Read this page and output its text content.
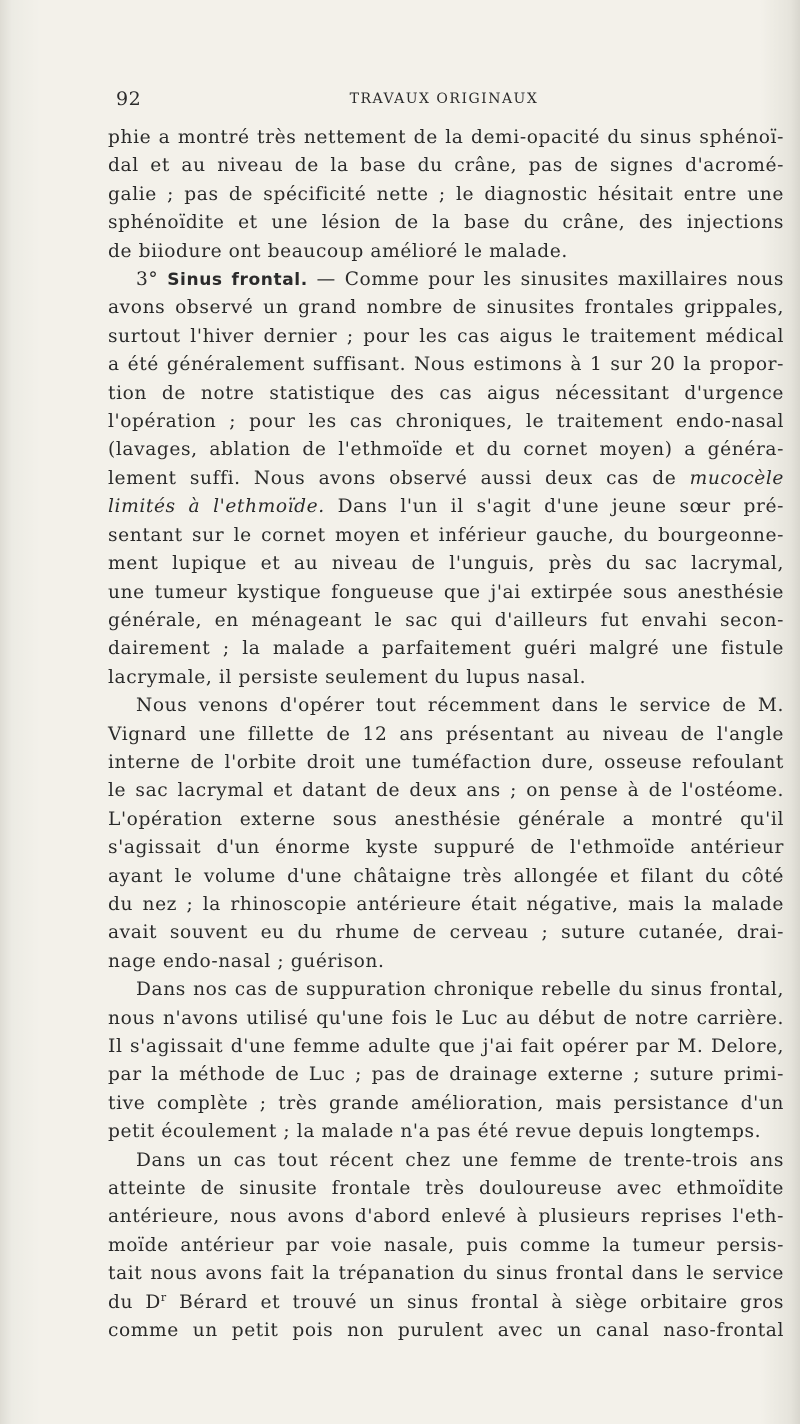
92	TRAVAUX ORIGINAUX
phie a montré très nettement de la demi-opacité du sinus sphénoï-
dal et au niveau de la base du crâne, pas de signes d'acromé-
galie ; pas de spécificité nette ; le diagnostic hésitait entre une
sphénoïdite et une lésion de la base du crâne, des injections
de biiodure ont beaucoup amélioré le malade.
3° Sinus frontal. — Comme pour les sinusites maxillaires nous
avons observé un grand nombre de sinusites frontales grippales,
surtout l'hiver dernier ; pour les cas aigus le traitement médical
a été généralement suffisant. Nous estimons à 1 sur 20 la propor-
tion de notre statistique des cas aigus nécessitant d'urgence
l'opération ; pour les cas chroniques, le traitement endo-nasal
(lavages, ablation de l'ethmoïde et du cornet moyen) a généra-
lement suffi. Nous avons observé aussi deux cas de mucocèle
limités à l'ethmoïde. Dans l'un il s'agit d'une jeune sœur pré-
sentant sur le cornet moyen et inférieur gauche, du bourgeonne-
ment lupique et au niveau de l'unguis, près du sac lacrymal,
une tumeur kystique fongueuse que j'ai extirpée sous anesthésie
générale, en ménageant le sac qui d'ailleurs fut envahi secon-
dairement ; la malade a parfaitement guéri malgré une fistule
lacrymale, il persiste seulement du lupus nasal.
Nous venons d'opérer tout récemment dans le service de M.
Vignard une fillette de 12 ans présentant au niveau de l'angle
interne de l'orbite droit une tuméfaction dure, osseuse refoulant
le sac lacrymal et datant de deux ans ; on pense à de l'ostéome.
L'opération externe sous anesthésie générale a montré qu'il
s'agissait d'un énorme kyste suppuré de l'ethmoïde antérieur
ayant le volume d'une châtaigne très allongée et filant du côté
du nez ; la rhinoscopie antérieure était négative, mais la malade
avait souvent eu du rhume de cerveau ; suture cutanée, drai-
nage endo-nasal ; guérison.
Dans nos cas de suppuration chronique rebelle du sinus frontal,
nous n'avons utilisé qu'une fois le Luc au début de notre carrière.
Il s'agissait d'une femme adulte que j'ai fait opérer par M. Delore,
par la méthode de Luc ; pas de drainage externe ; suture primi-
tive complète ; très grande amélioration, mais persistance d'un
petit écoulement ; la malade n'a pas été revue depuis longtemps.
Dans un cas tout récent chez une femme de trente-trois ans
atteinte de sinusite frontale très douloureuse avec ethmoïdite
antérieure, nous avons d'abord enlevé à plusieurs reprises l'eth-
moïde antérieur par voie nasale, puis comme la tumeur persis-
tait nous avons fait la trépanation du sinus frontal dans le service
du $D^r$ Bérard et trouvé un sinus frontal à siège orbitaire gros
comme un petit pois non purulent avec un canal naso-frontal
